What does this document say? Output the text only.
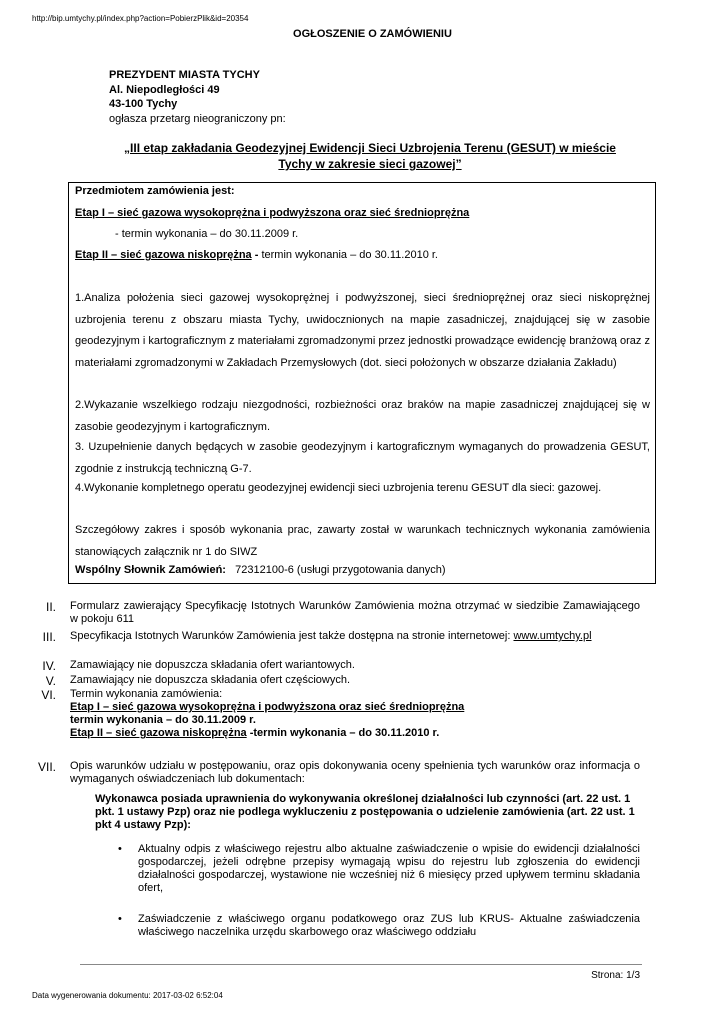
http://bip.umtychy.pl/index.php?action=PobierzPlik&id=20354
OGŁOSZENIE O ZAMÓWIENIU
PREZYDENT MIASTA TYCHY
Al. Niepodległości 49
43-100 Tychy
ogłasza przetarg nieograniczony pn:
„III etap zakładania Geodezyjnej Ewidencji Sieci Uzbrojenia Terenu (GESUT) w mieście
Tychy w zakresie sieci gazowej”
Przedmiotem zamówienia jest:
Etap I – sieć gazowa wysokoprężna i podwyższona oraz sieć średnioprężna
- termin wykonania – do 30.11.2009 r.
Etap II – sieć gazowa niskoprężna - termin wykonania – do 30.11.2010 r.
1.Analiza położenia sieci gazowej wysokoprężnej i podwyższonej, sieci średnioprężnej oraz sieci niskoprężnej uzbrojenia terenu z obszaru miasta Tychy, uwidocznionych na mapie zasadniczej, znajdującej się w zasobie geodezyjnym i kartograficznym z materiałami zgromadzonymi przez jednostki prowadzące ewidencję branżową oraz z materiałami zgromadzonymi w Zakładach Przemysłowych (dot. sieci położonych w obszarze działania Zakładu)
2.Wykazanie wszelkiego rodzaju niezgodności, rozbieżności oraz braków na mapie zasadniczej znajdującej się w zasobie geodezyjnym i kartograficznym.
3. Uzupełnienie danych będących w zasobie geodezyjnym i kartograficznym wymaganych do prowadzenia GESUT, zgodnie z instrukcją techniczną G-7.
4.Wykonanie kompletnego operatu geodezyjnej ewidencji sieci uzbrojenia terenu GESUT dla sieci: gazowej.
Szczegółowy zakres i sposób wykonania prac, zawarty został w warunkach technicznych wykonania zamówienia stanowiących załącznik nr 1 do SIWZ
Wspólny Słownik Zamówień:   72312100-6 (usługi przygotowania danych)
II. Formularz zawierający Specyfikację Istotnych Warunków Zamówienia można otrzymać w siedzibie Zamawiającego w pokoju 611
III. Specyfikacja Istotnych Warunków Zamówienia jest także dostępna na stronie internetowej: www.umtychy.pl
IV. Zamawiający nie dopuszcza składania ofert wariantowych.
V. Zamawiający nie dopuszcza składania ofert częściowych.
VI. Termin wykonania zamówienia:
Etap I – sieć gazowa wysokoprężna i podwyższona oraz sieć średnioprężna
termin wykonania – do 30.11.2009 r.
Etap II – sieć gazowa niskoprężna -termin wykonania – do 30.11.2010 r.
VII. Opis warunków udziału w postępowaniu, oraz opis dokonywania oceny spełnienia tych warunków oraz informacja o wymaganych oświadczeniach lub dokumentach:
Wykonawca posiada uprawnienia do wykonywania określonej działalności lub czynności (art. 22 ust. 1 pkt. 1 ustawy Pzp) oraz nie podlega wykluczeniu z postępowania o udzielenie zamówienia (art. 22 ust. 1 pkt 4 ustawy Pzp):
• Aktualny odpis z właściwego rejestru albo aktualne zaświadczenie o wpisie do ewidencji działalności gospodarczej, jeżeli odrębne przepisy wymagają wpisu do rejestru lub zgłoszenia do ewidencji działalności gospodarczej, wystawione nie wcześniej niż 6 miesięcy przed upływem terminu składania ofert,
• Zaświadczenie z właściwego organu podatkowego oraz ZUS lub KRUS- Aktualne zaświadczenia właściwego naczelnika urzędu skarbowego oraz właściwego oddziału
Strona: 1/3
Data wygenerowania dokumentu: 2017-03-02 6:52:04
